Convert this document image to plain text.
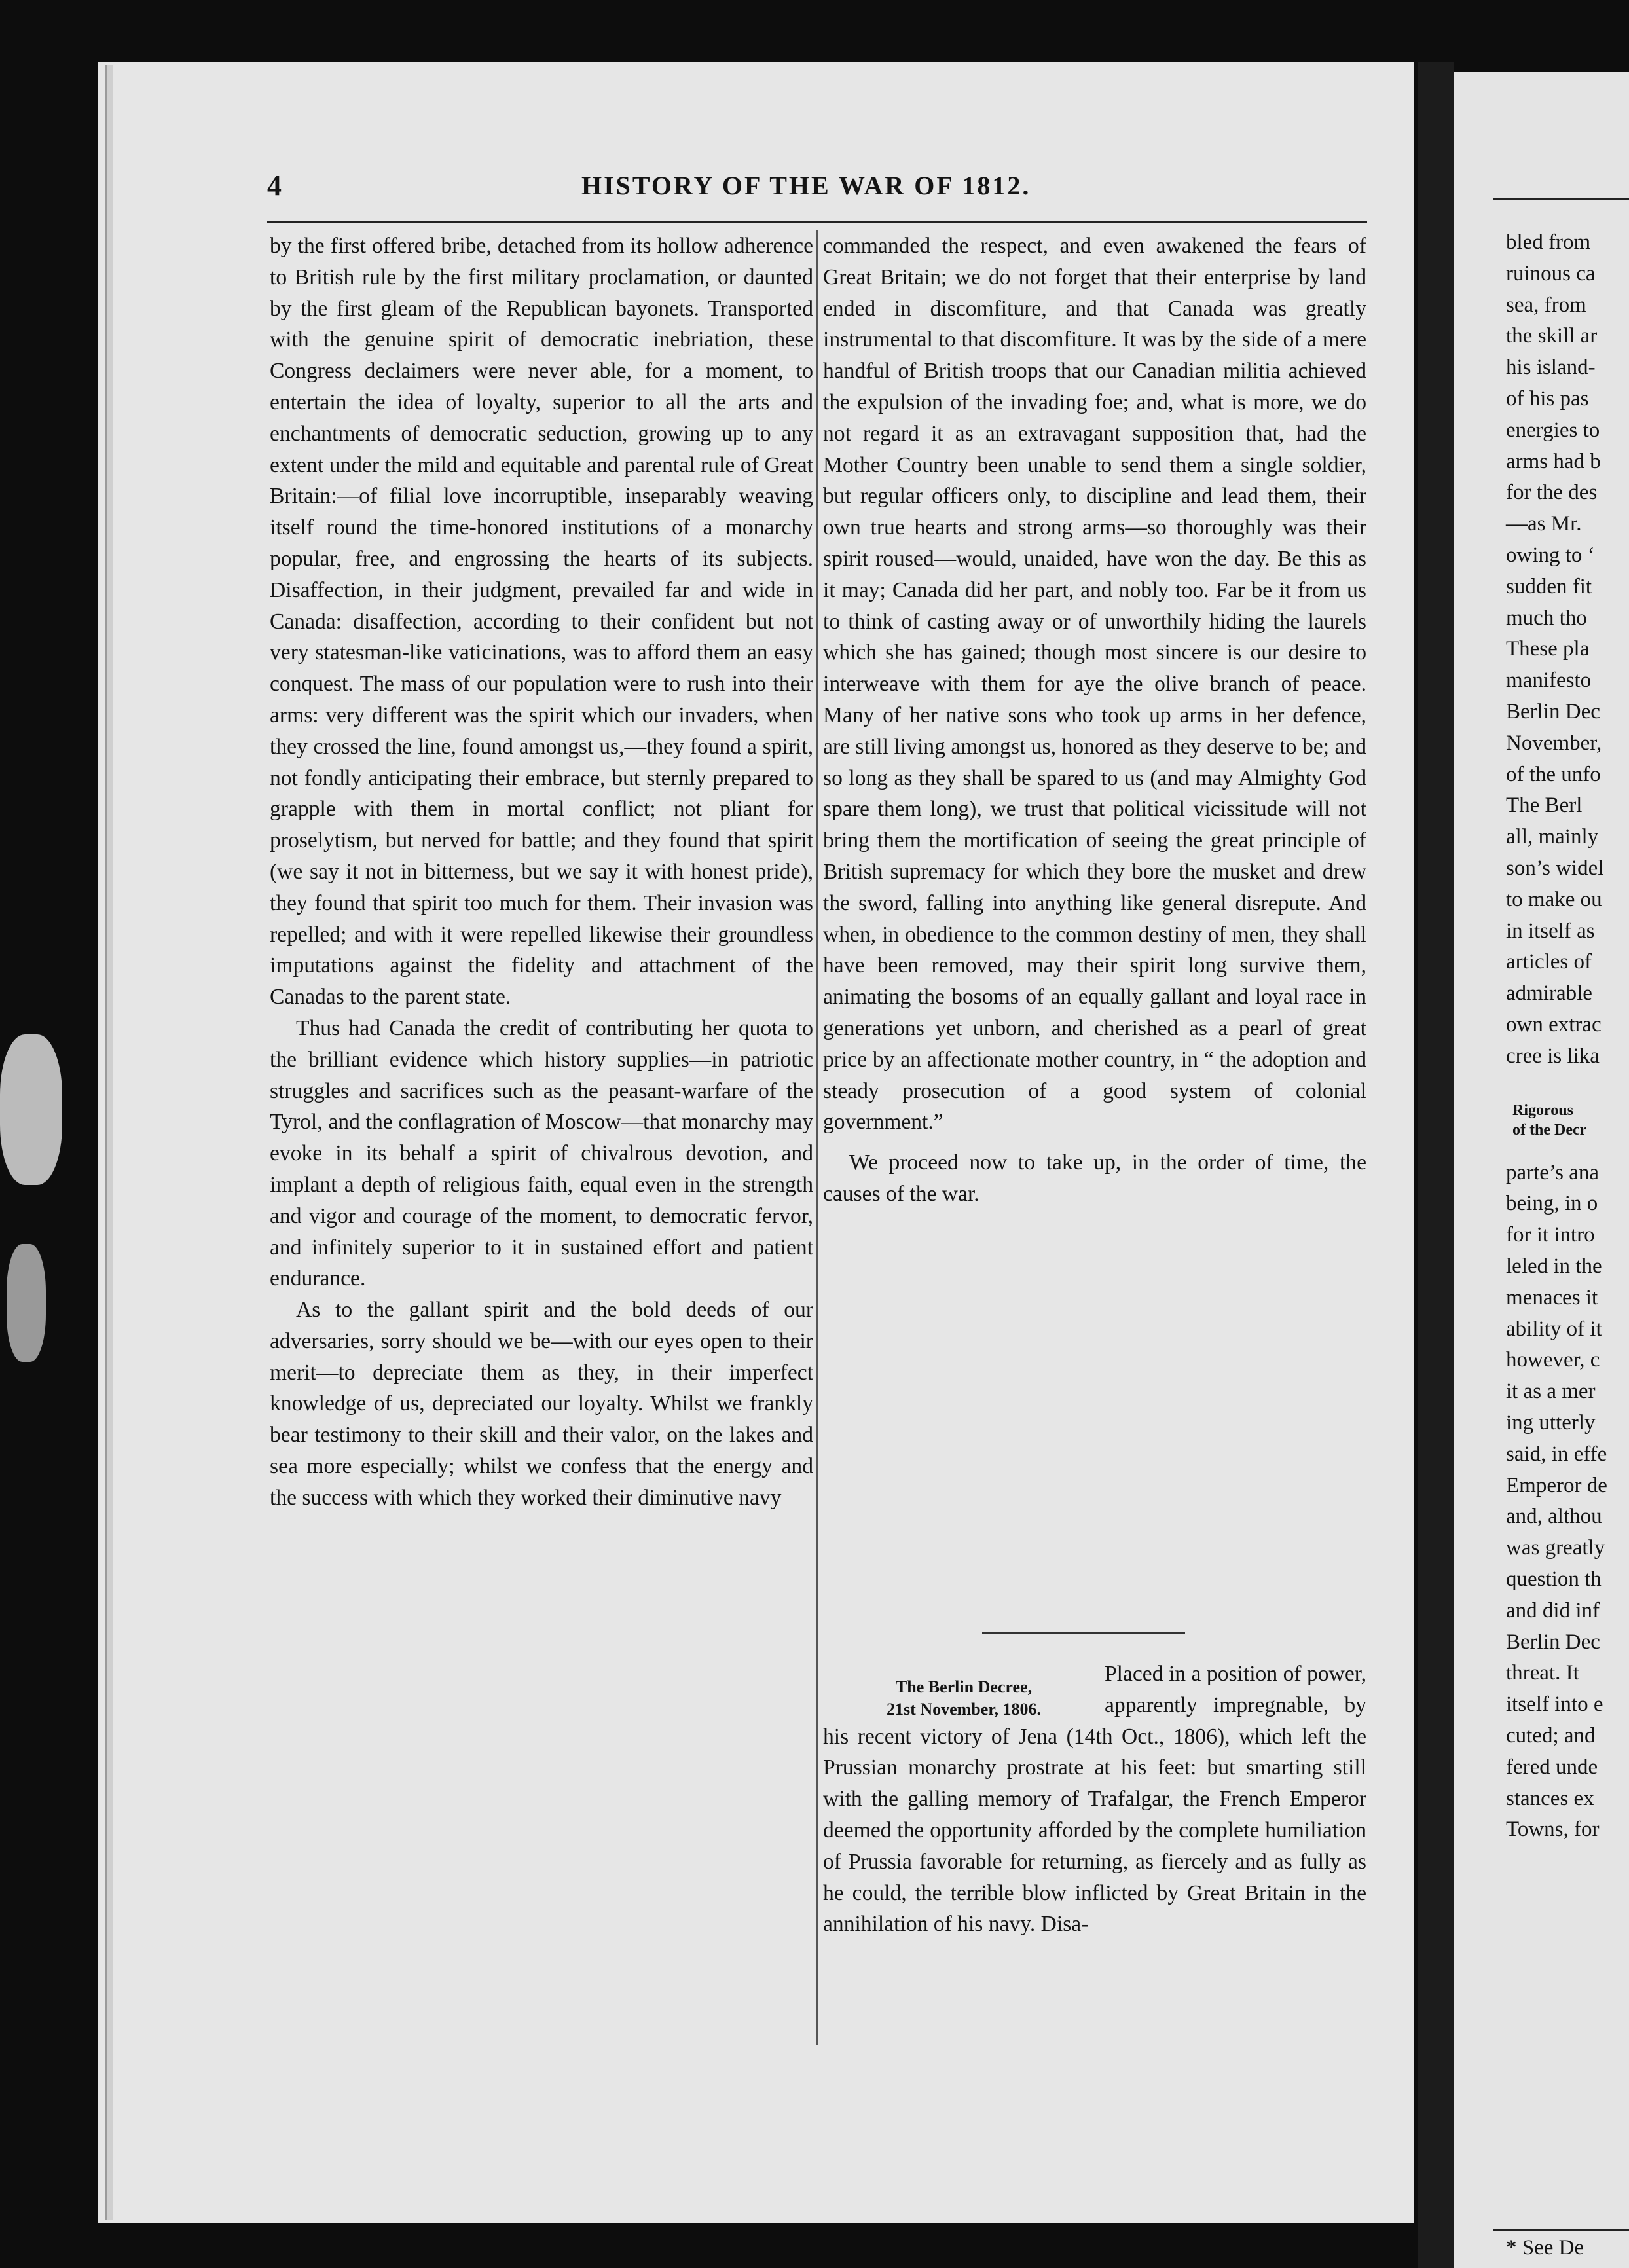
4	HISTORY OF THE WAR OF 1812.

by the first offered bribe, detached from its hollow adherence to British rule by the first military proclamation, or daunted by the first gleam of the Republican bayonets. Transported with the genuine spirit of democratic inebriation, these Congress declaimers were never able, for a moment, to entertain the idea of loyalty, superior to all the arts and enchantments of democratic seduction, growing up to any extent under the mild and equitable and parental rule of Great Britain:—of filial love incorruptible, inseparably weaving itself round the time-honored institutions of a monarchy popular, free, and engrossing the hearts of its subjects. Disaffection, in their judgment, prevailed far and wide in Canada: disaffection, according to their confident but not very statesman-like vaticinations, was to afford them an easy conquest. The mass of our population were to rush into their arms: very different was the spirit which our invaders, when they crossed the line, found amongst us,—they found a spirit, not fondly anticipating their embrace, but sternly prepared to grapple with them in mortal conflict; not pliant for proselytism, but nerved for battle; and they found that spirit (we say it not in bitterness, but we say it with honest pride), they found that spirit too much for them. Their invasion was repelled; and with it were repelled likewise their groundless imputations against the fidelity and attachment of the Canadas to the parent state.

Thus had Canada the credit of contributing her quota to the brilliant evidence which history supplies—in patriotic struggles and sacrifices such as the peasant-warfare of the Tyrol, and the conflagration of Moscow—that monarchy may evoke in its behalf a spirit of chivalrous devotion, and implant a depth of religious faith, equal even in the strength and vigor and courage of the moment, to democratic fervor, and infinitely superior to it in sustained effort and patient endurance.

As to the gallant spirit and the bold deeds of our adversaries, sorry should we be—with our eyes open to their merit—to depreciate them as they, in their imperfect knowledge of us, depreciated our loyalty. Whilst we frankly bear testimony to their skill and their valor, on the lakes and sea more especially; whilst we confess that the energy and the success with which they worked their diminutive navy

commanded the respect, and even awakened the fears of Great Britain; we do not forget that their enterprise by land ended in discomfiture, and that Canada was greatly instrumental to that discomfiture. It was by the side of a mere handful of British troops that our Canadian militia achieved the expulsion of the invading foe; and, what is more, we do not regard it as an extravagant supposition that, had the Mother Country been unable to send them a single soldier, but regular officers only, to discipline and lead them, their own true hearts and strong arms—so thoroughly was their spirit roused—would, unaided, have won the day. Be this as it may; Canada did her part, and nobly too. Far be it from us to think of casting away or of unworthily hiding the laurels which she has gained; though most sincere is our desire to interweave with them for aye the olive branch of peace. Many of her native sons who took up arms in her defence, are still living amongst us, honored as they deserve to be; and so long as they shall be spared to us (and may Almighty God spare them long), we trust that political vicissitude will not bring them the mortification of seeing the great principle of British supremacy for which they bore the musket and drew the sword, falling into anything like general disrepute. And when, in obedience to the common destiny of men, they shall have been removed, may their spirit long survive them, animating the bosoms of an equally gallant and loyal race in generations yet unborn, and cherished as a pearl of great price by an affectionate mother country, in “ the adoption and steady prosecution of a good system of colonial government.”

We proceed now to take up, in the order of time, the causes of the war.

Placed in a position of power, apparently impregnable, by his recent victory of Jena (14th Oct., 1806), which left the Prussian monarchy prostrate at his feet: but smarting still with the galling memory of Trafalgar, the French Emperor deemed the opportunity afforded by the complete humiliation of Prussia favorable for returning, as fiercely and as fully as he could, the terrible blow inflicted by Great Britain in the annihilation of his navy. Disa-

The Berlin Decree,
21st November, 1806.
bled from
ruinous ca
sea, from
the skill ar
his island-
of his pas
energies to
arms had b
for the des
—as Mr.
owing to ‘
sudden fit
much tho
These pla
manifesto
Berlin Dec
November,
of the unfo
The Berl
all, mainly
son’s widel
to make ou
in itself as
articles of
admirable
own extrac
cree is lika
Rigorous
of the Decr
parte’s ana
being, in o
for it intro
leled in the
menaces it
ability of it
however, c
it as a mer
ing utterly
said, in effe
Emperor de
and, althou
was greatly
question th
and did inf
Berlin Dec
threat. It
itself into e
cuted; and
fered unde
stances ex
Towns, for
* See De
